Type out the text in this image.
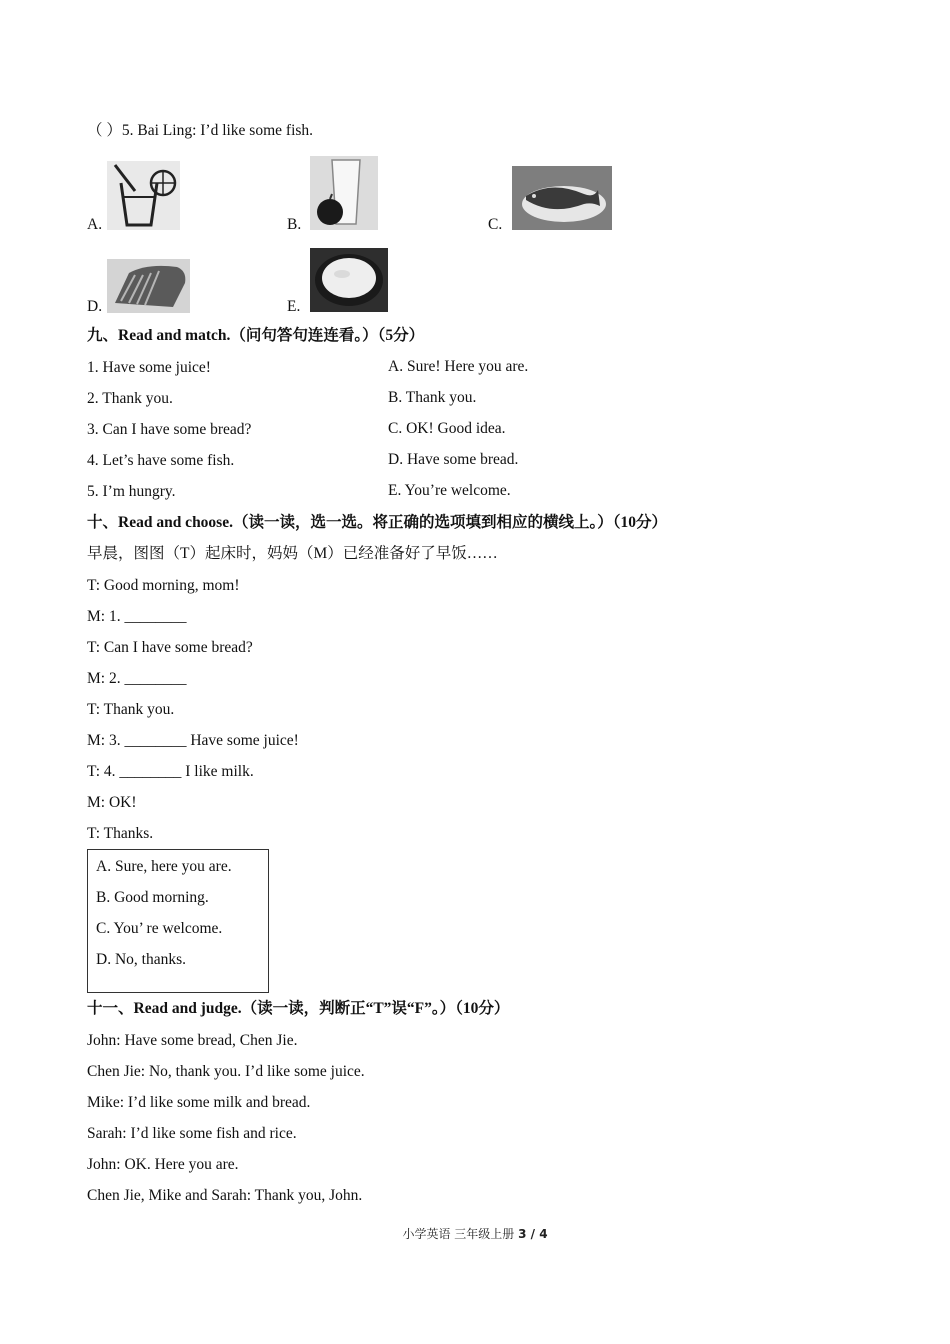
（ ）5. Bai Ling: I’d like some fish.
A.	B.	C.
D.	E.
九、Read and match.（问句答句连连看。）（5分）
1. Have some juice!
2. Thank you.
3. Can I have some bread?
4. Let’s have some fish.
5. I’m hungry.
A. Sure! Here you are.
B. Thank you.
C. OK! Good idea.
D. Have some bread.
E. You’re welcome.
十、Read and choose.（读一读，选一选。将正确的选项填到相应的横线上。）（10分）
早晨，图图（T）起床时，妈妈（M）已经准备好了早饭……
T: Good morning, mom!
M: 1. ________
T: Can I have some bread?
M: 2. ________
T: Thank you.
M: 3. ________ Have some juice!
T: 4. ________ I like milk.
M: OK!
T: Thanks.
A. Sure, here you are.
B. Good morning.
C. You’ re welcome.
D. No, thanks.
十一、Read and judge.（读一读，判断正“T”误“F”。）（10分）
John: Have some bread, Chen Jie.
Chen Jie: No, thank you. I’d like some juice.
Mike: I’d like some milk and bread.
Sarah: I’d like some fish and rice.
John: OK. Here you are.
Chen Jie, Mike and Sarah: Thank you, John.
小学英语 三年级上册 3 / 4
